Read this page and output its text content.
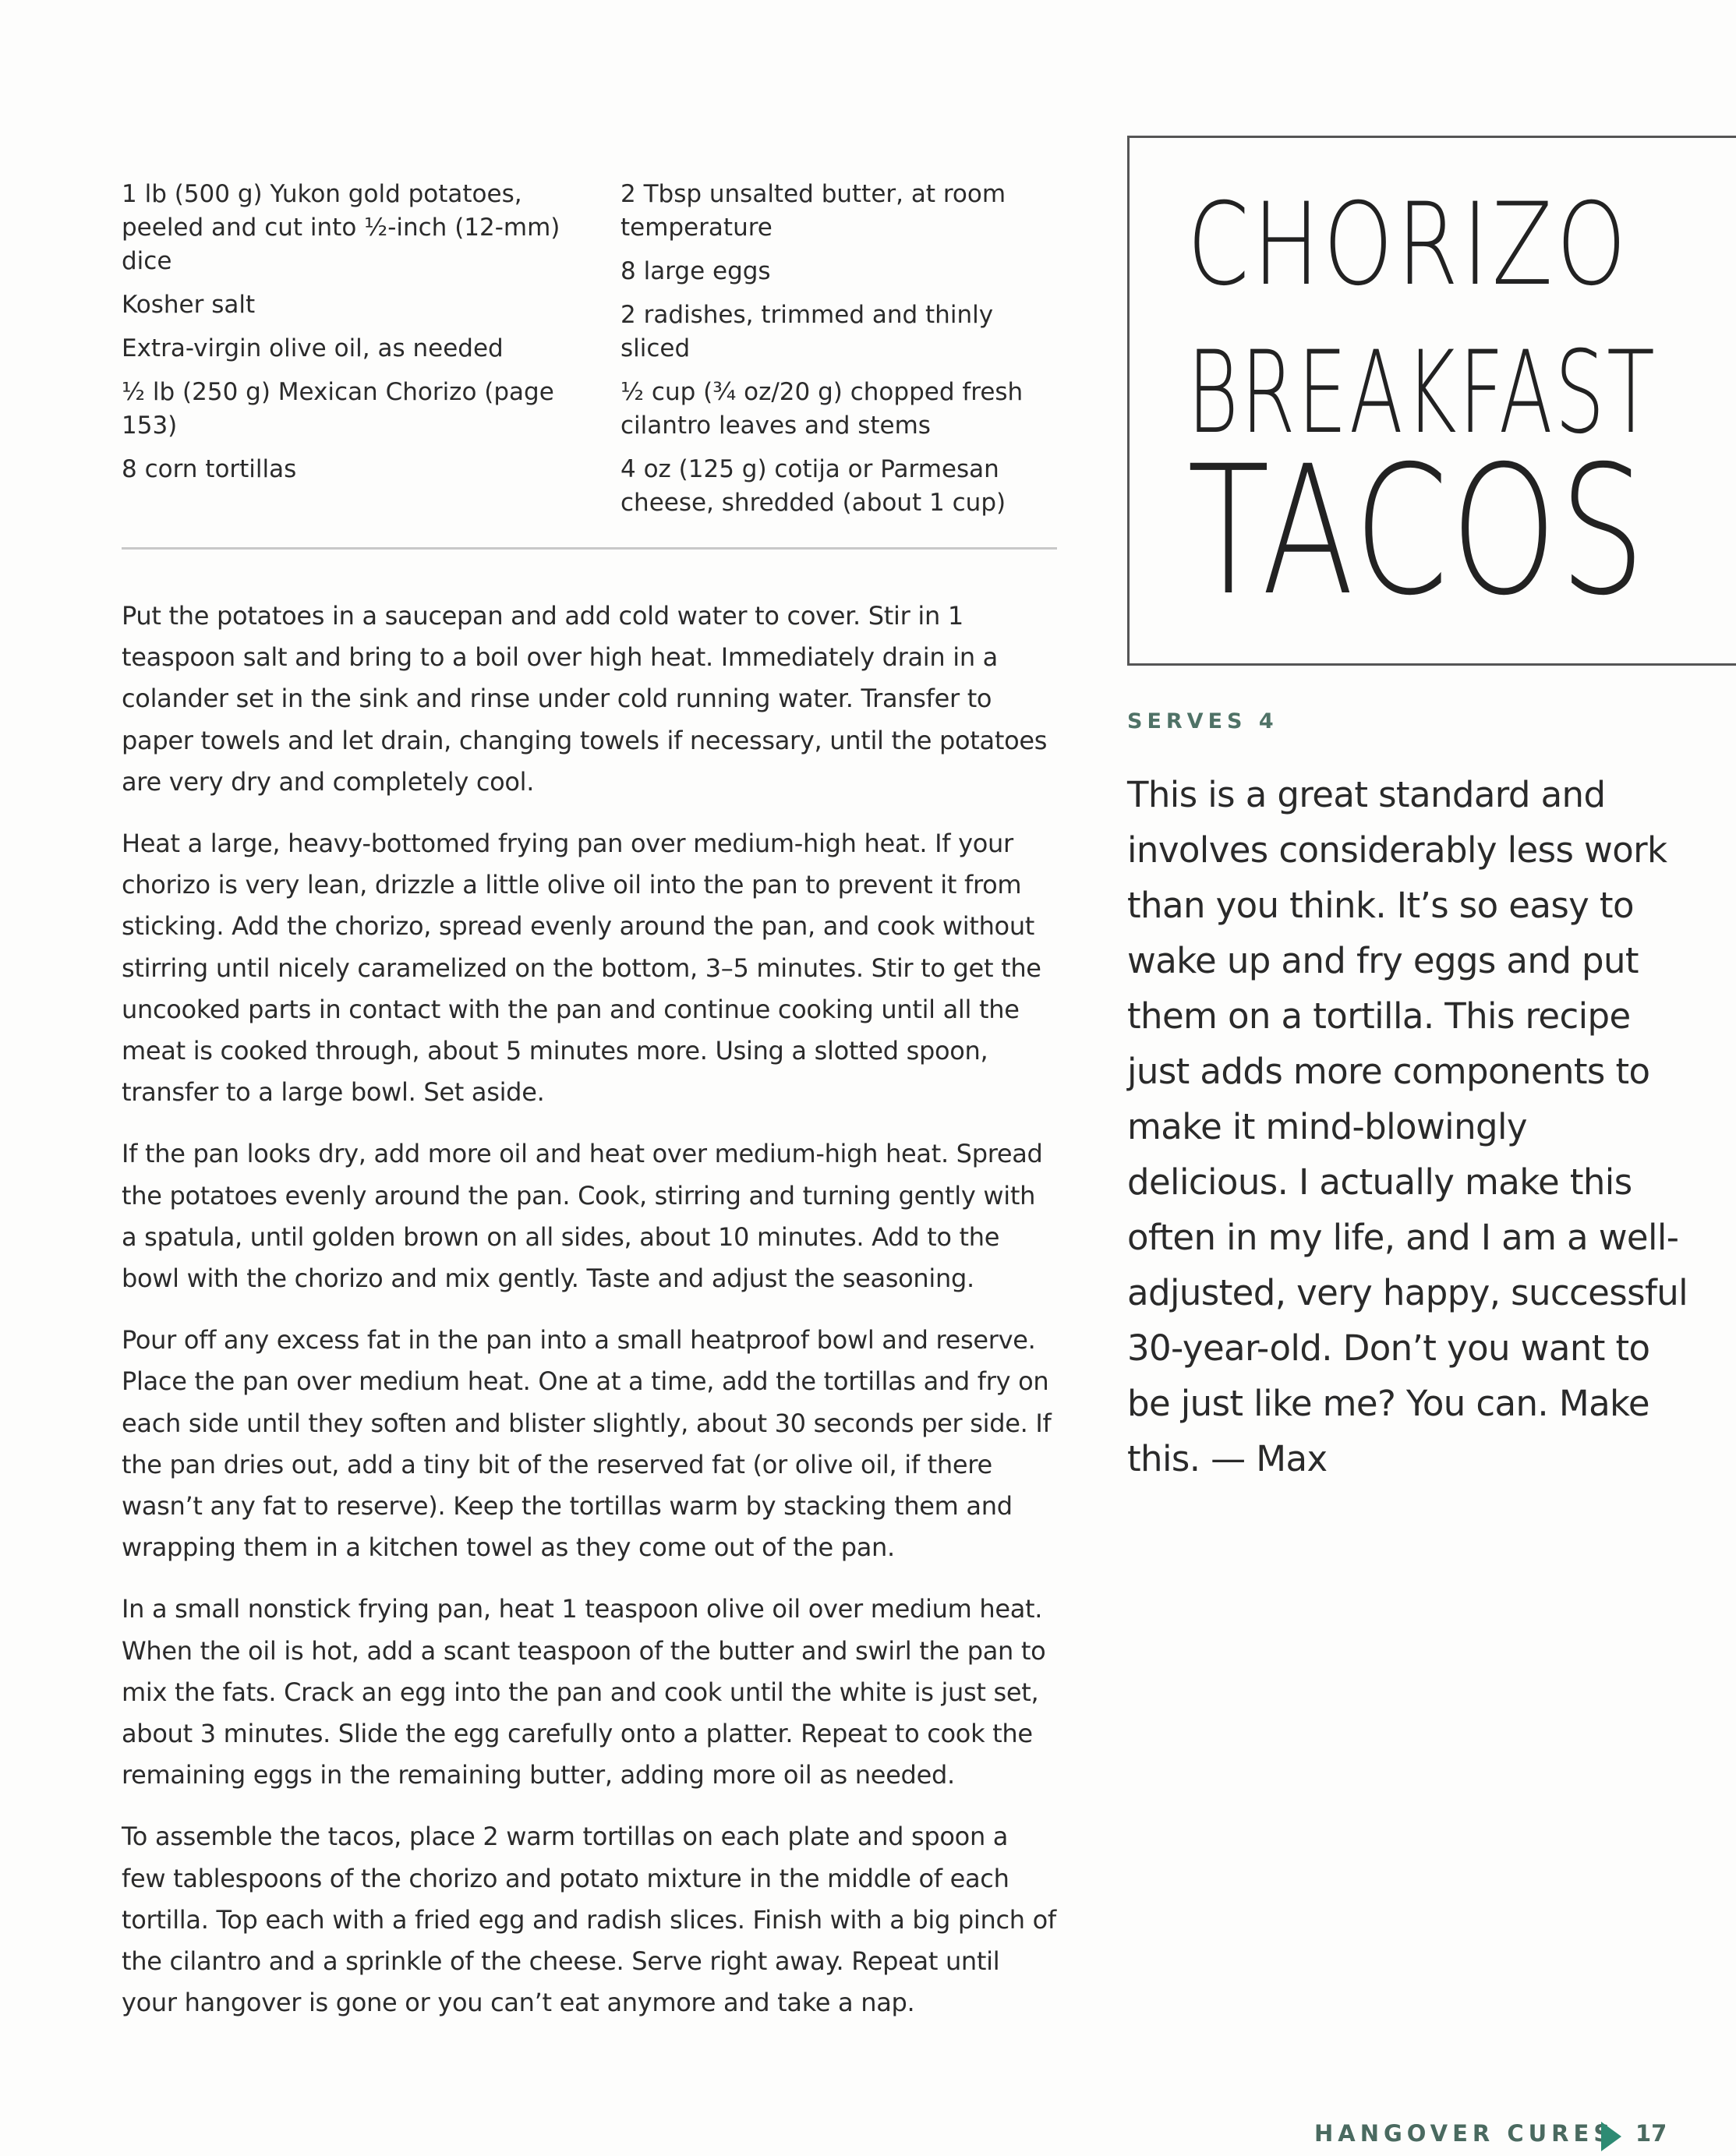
1 lb (500 g) Yukon gold potatoes, peeled and cut into ½-inch (12-mm) dice
Kosher salt
Extra-virgin olive oil, as needed
½ lb (250 g) Mexican Chorizo (page 153)
8 corn tortillas
2 Tbsp unsalted butter, at room temperature
8 large eggs
2 radishes, trimmed and thinly sliced
½ cup (¾ oz/20 g) chopped fresh cilantro leaves and stems
4 oz (125 g) cotija or Parmesan cheese, shredded (about 1 cup)

Put the potatoes in a saucepan and add cold water to cover. Stir in 1 teaspoon salt and bring to a boil over high heat. Immediately drain in a colander set in the sink and rinse under cold running water. Transfer to paper towels and let drain, changing towels if necessary, until the potatoes are very dry and completely cool.

Heat a large, heavy-bottomed frying pan over medium-high heat. If your chorizo is very lean, drizzle a little olive oil into the pan to prevent it from sticking. Add the chorizo, spread evenly around the pan, and cook without stirring until nicely caramelized on the bottom, 3–5 minutes. Stir to get the uncooked parts in contact with the pan and continue cooking until all the meat is cooked through, about 5 minutes more. Using a slotted spoon, transfer to a large bowl. Set aside.

If the pan looks dry, add more oil and heat over medium-high heat. Spread the potatoes evenly around the pan. Cook, stirring and turning gently with a spatula, until golden brown on all sides, about 10 minutes. Add to the bowl with the chorizo and mix gently. Taste and adjust the seasoning.

Pour off any excess fat in the pan into a small heatproof bowl and reserve. Place the pan over medium heat. One at a time, add the tortillas and fry on each side until they soften and blister slightly, about 30 seconds per side. If the pan dries out, add a tiny bit of the reserved fat (or olive oil, if there wasn’t any fat to reserve). Keep the tortillas warm by stacking them and wrapping them in a kitchen towel as they come out of the pan.

In a small nonstick frying pan, heat 1 teaspoon olive oil over medium heat. When the oil is hot, add a scant teaspoon of the butter and swirl the pan to mix the fats. Crack an egg into the pan and cook until the white is just set, about 3 minutes. Slide the egg carefully onto a platter. Repeat to cook the remaining eggs in the remaining butter, adding more oil as needed.

To assemble the tacos, place 2 warm tortillas on each plate and spoon a few tablespoons of the chorizo and potato mixture in the middle of each tortilla. Top each with a fried egg and radish slices. Finish with a big pinch of the cilantro and a sprinkle of the cheese. Serve right away. Repeat until your hangover is gone or you can’t eat anymore and take a nap.

CHORIZO
BREAKFAST
TACOS
SERVES 4

This is a great standard and involves considerably less work than you think. It’s so easy to wake up and fry eggs and put them on a tortilla. This recipe just adds more components to make it mind-blowingly delicious. I actually make this often in my life, and I am a well-adjusted, very happy, successful 30-year-old. Don’t you want to be just like me? You can. Make this. — Max

HANGOVER CURES 17
